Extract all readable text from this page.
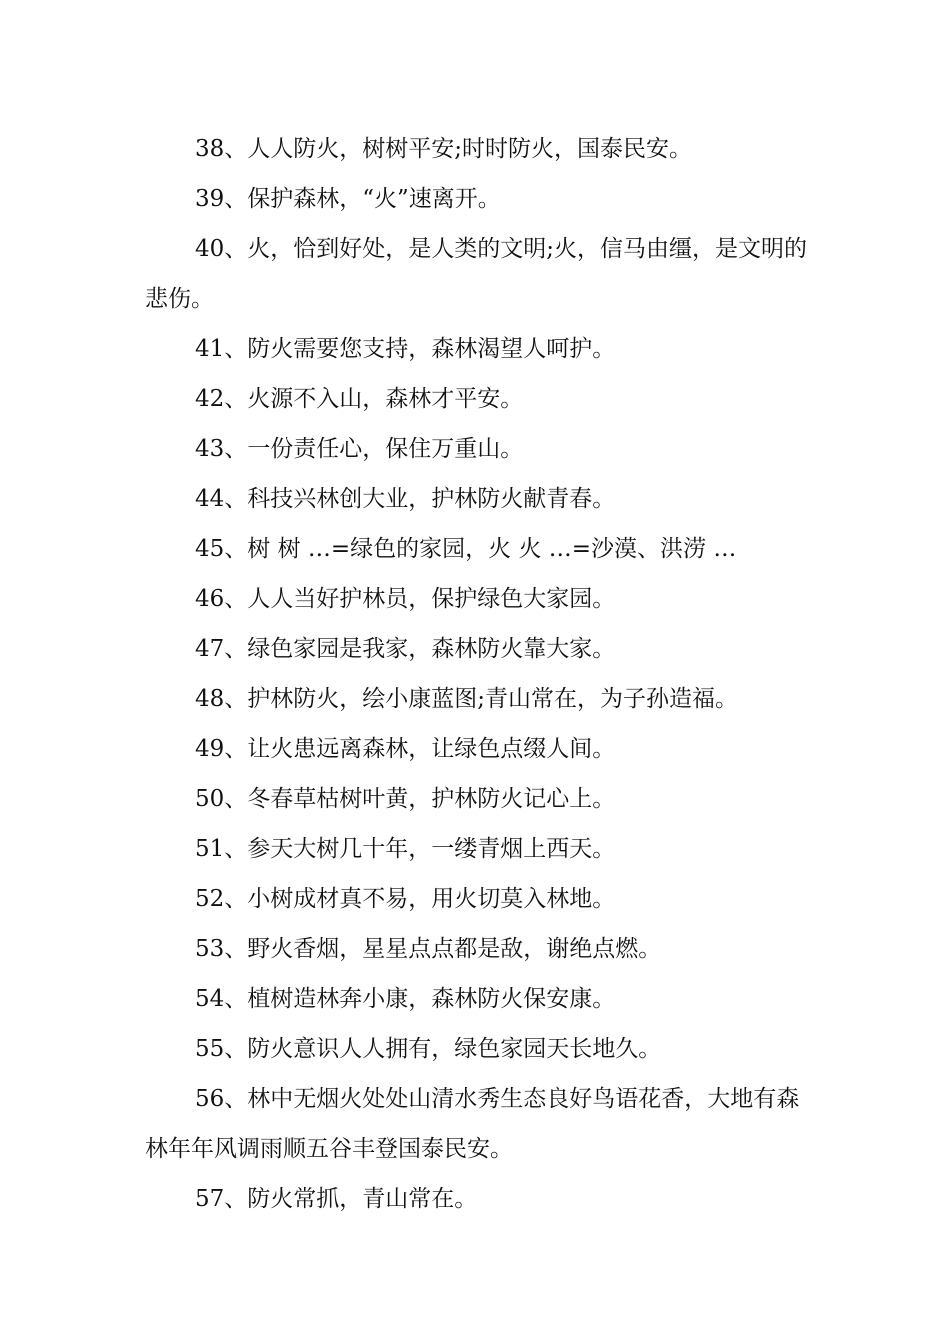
38、人人防火，树树平安;时时防火，国泰民安。

39、保护森林，“火”速离开。

40、火，恰到好处，是人类的文明;火，信马由缰，是文明的悲伤。

41、防火需要您支持，森林渴望人呵护。

42、火源不入山，森林才平安。

43、一份责任心，保住万重山。

44、科技兴林创大业，护林防火献青春。

45、树 树 …=绿色的家园，火 火 …=沙漠、洪涝 …

46、人人当好护林员，保护绿色大家园。

47、绿色家园是我家，森林防火靠大家。

48、护林防火，绘小康蓝图;青山常在，为子孙造福。

49、让火患远离森林，让绿色点缀人间。

50、冬春草枯树叶黄，护林防火记心上。

51、参天大树几十年，一缕青烟上西天。

52、小树成材真不易，用火切莫入林地。

53、野火香烟，星星点点都是敌，谢绝点燃。

54、植树造林奔小康，森林防火保安康。

55、防火意识人人拥有，绿色家园天长地久。

56、林中无烟火处处山清水秀生态良好鸟语花香，大地有森林年年风调雨顺五谷丰登国泰民安。

57、防火常抓，青山常在。
